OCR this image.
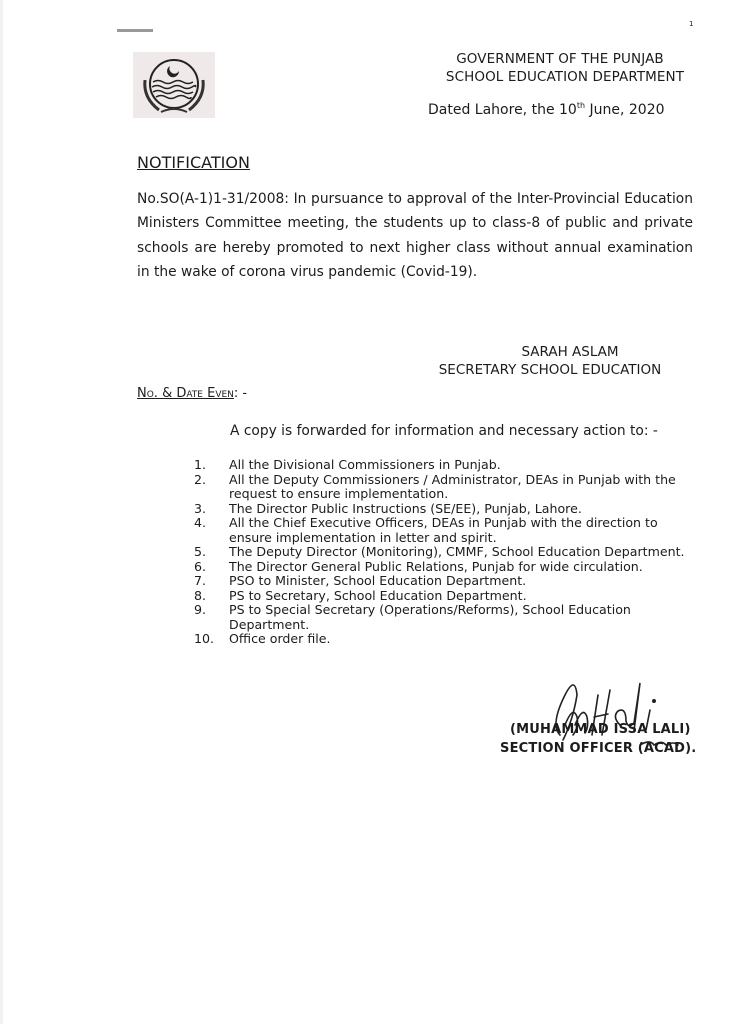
1
GOVERNMENT OF THE PUNJAB
SCHOOL EDUCATION DEPARTMENT
Dated Lahore, the 10th June, 2020
NOTIFICATION
No.SO(A-1)1-31/2008: In pursuance to approval of the Inter-Provincial Education Ministers Committee meeting, the students up to class-8 of public and private schools are hereby promoted to next higher class without annual examination in the wake of corona virus pandemic (Covid-19).
SARAH ASLAM
SECRETARY SCHOOL EDUCATION
No. & Date Even: -
A copy is forwarded for information and necessary action to: -
1.	All the Divisional Commissioners in Punjab.
2.	All the Deputy Commissioners / Administrator, DEAs in Punjab with the request to ensure implementation.
3.	The Director Public Instructions (SE/EE), Punjab, Lahore.
4.	All the Chief Executive Officers, DEAs in Punjab with the direction to ensure implementation in letter and spirit.
5.	The Deputy Director (Monitoring), CMMF, School Education Department.
6.	The Director General Public Relations, Punjab for wide circulation.
7.	PSO to Minister, School Education Department.
8.	PS to Secretary, School Education Department.
9.	PS to Special Secretary (Operations/Reforms), School Education Department.
10.	Office order file.
(MUHAMMAD ISSA LALI)
SECTION OFFICER (ACAD).
